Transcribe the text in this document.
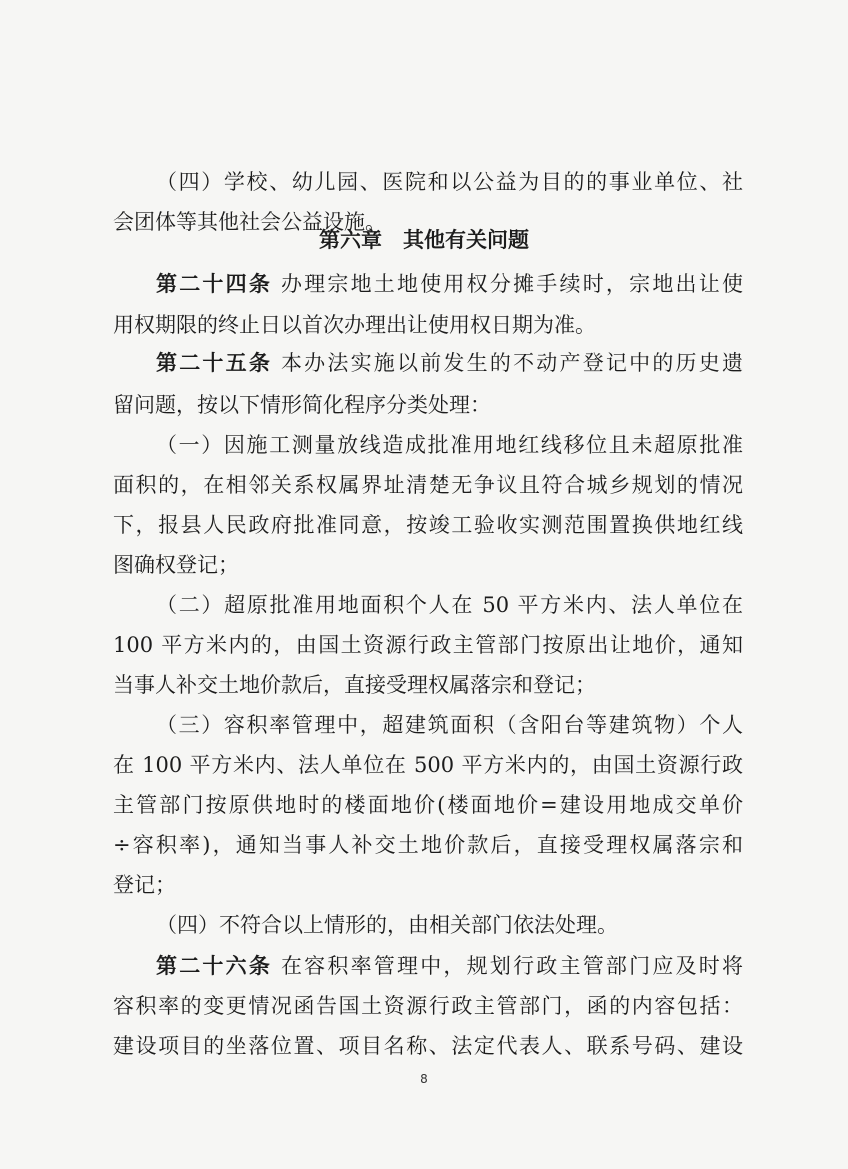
（四）学校、幼儿园、医院和以公益为目的的事业单位、社
会团体等其他社会公益设施。
第六章　其他有关问题
第二十四条 办理宗地土地使用权分摊手续时，宗地出让使
用权期限的终止日以首次办理出让使用权日期为准。
第二十五条 本办法实施以前发生的不动产登记中的历史遗
留问题，按以下情形简化程序分类处理：
（一）因施工测量放线造成批准用地红线移位且未超原批准
面积的，在相邻关系权属界址清楚无争议且符合城乡规划的情况
下，报县人民政府批准同意，按竣工验收实测范围置换供地红线
图确权登记；
（二）超原批准用地面积个人在 50 平方米内、法人单位在
100 平方米内的，由国土资源行政主管部门按原出让地价，通知
当事人补交土地价款后，直接受理权属落宗和登记；
（三）容积率管理中，超建筑面积（含阳台等建筑物）个人
在 100 平方米内、法人单位在 500 平方米内的，由国土资源行政
主管部门按原供地时的楼面地价(楼面地价=建设用地成交单价
÷容积率)，通知当事人补交土地价款后，直接受理权属落宗和
登记；
（四）不符合以上情形的，由相关部门依法处理。
第二十六条 在容积率管理中，规划行政主管部门应及时将
容积率的变更情况函告国土资源行政主管部门，函的内容包括：
建设项目的坐落位置、项目名称、法定代表人、联系号码、建设
8
